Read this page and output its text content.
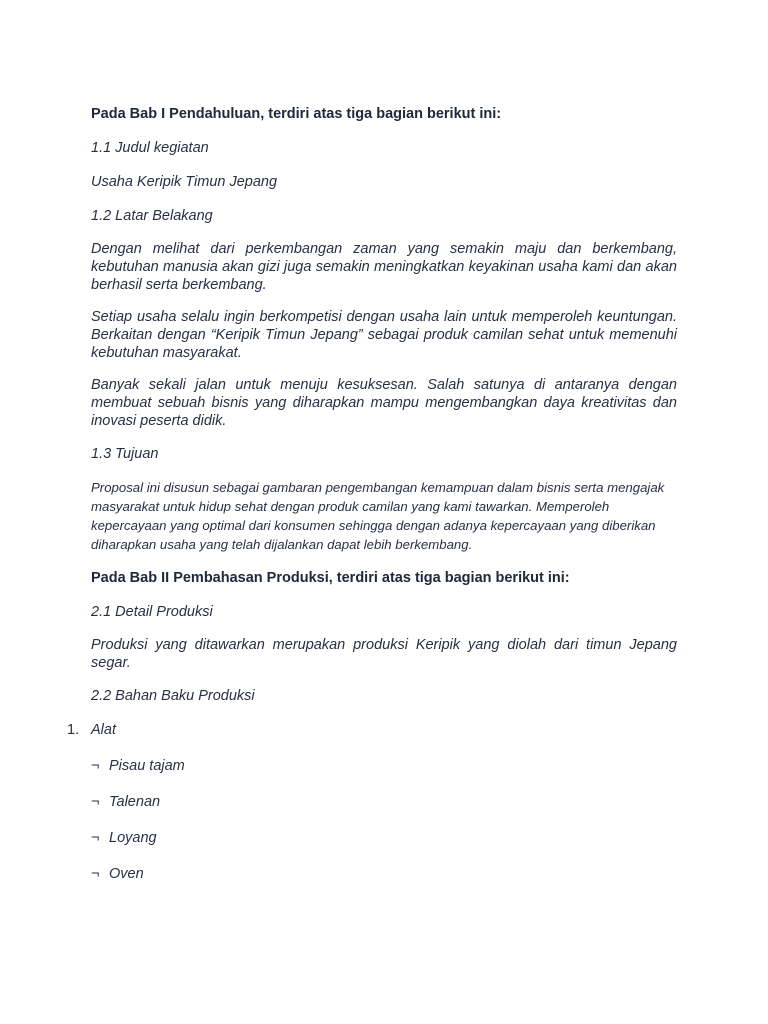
Pada Bab I Pendahuluan, terdiri atas tiga bagian berikut ini:

1.1 Judul kegiatan

Usaha Keripik Timun Jepang

1.2 Latar Belakang

Dengan melihat dari perkembangan zaman yang semakin maju dan berkembang, kebutuhan manusia akan gizi juga semakin meningkatkan keyakinan usaha kami dan akan berhasil serta berkembang.

Setiap usaha selalu ingin berkompetisi dengan usaha lain untuk memperoleh keuntungan. Berkaitan dengan “Keripik Timun Jepang” sebagai produk camilan sehat untuk memenuhi kebutuhan masyarakat.

Banyak sekali jalan untuk menuju kesuksesan. Salah satunya di antaranya dengan membuat sebuah bisnis yang diharapkan mampu mengembangkan daya kreativitas dan inovasi peserta didik.

1.3 Tujuan

Proposal ini disusun sebagai gambaran pengembangan kemampuan dalam bisnis serta mengajak masyarakat untuk hidup sehat dengan produk camilan yang kami tawarkan. Memperoleh kepercayaan yang optimal dari konsumen sehingga dengan adanya kepercayaan yang diberikan diharapkan usaha yang telah dijalankan dapat lebih berkembang.

Pada Bab II Pembahasan Produksi, terdiri atas tiga bagian berikut ini:

2.1 Detail Produksi

Produksi yang ditawarkan merupakan produksi Keripik yang diolah dari timun Jepang segar.

2.2 Bahan Baku Produksi

1. Alat

¬ Pisau tajam

¬ Talenan

¬ Loyang

¬ Oven
